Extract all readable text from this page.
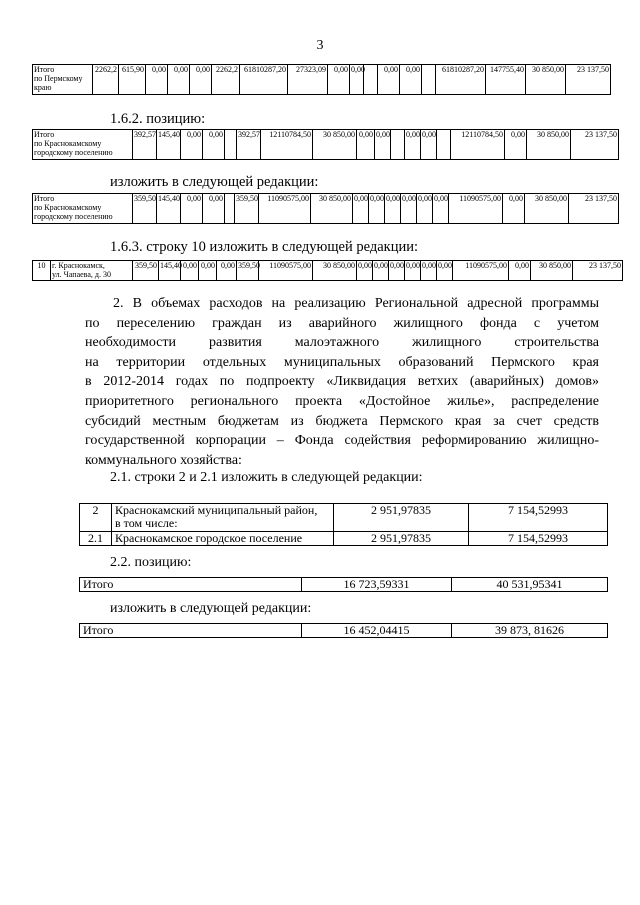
3
Итого
по Пермскому
краю	2262,2	615,90	0,00	0,00	0,00	2262,2	61810287,20	27323,09	0,00	0,00		0,00	0,00		61810287,20	147755,40	30 850,00	23 137,50
1.6.2. позицию:
Итого
по Краснокамскому
городскому поселению	392,57	145,40	0,00	0,00		392,57	12110784,50	30 850,00	0,00	0,00		0,00	0,00		12110784,50	0,00	30 850,00	23 137,50
изложить в следующей редакции:
Итого
по Краснокамскому
городскому поселению	359,50	145,40	0,00	0,00		359,50	11090575,00	30 850,00	0,00	0,00	0,00	0,00	0,00	0,00	11090575,00	0,00	30 850,00	23 137,50
1.6.3. строку 10 изложить в следующей редакции:
10	г. Краснокамск,
ул. Чапаева, д. 30	359,50	145,40	0,00	0,00	0,00	359,50	11090575,00	30 850,00	0,00	0,00	0,00	0,00	0,00	0,00	11090575,00	0,00	30 850,00	23 137,50
2. В объемах расходов на реализацию Региональной адресной программы
по переселению граждан из аварийного жилищного фонда с учетом
необходимости развития малоэтажного жилищного строительства
на территории отдельных муниципальных образований Пермского края
в 2012-2014 годах по подпроекту «Ликвидация ветхих (аварийных) домов»
приоритетного регионального проекта «Достойное жилье», распределение
субсидий местным бюджетам из бюджета Пермского края за счет средств
государственной корпорации – Фонда содействия реформированию жилищно-
коммунального хозяйства:
2.1. строки 2 и 2.1 изложить в следующей редакции:
2	Краснокамский муниципальный район,
в том числе:	2 951,97835	7 154,52993
2.1	Краснокамское городское поселение	2 951,97835	7 154,52993
2.2. позицию:
Итого	16 723,59331	40 531,95341
изложить в следующей редакции:
Итого	16 452,04415	39 873, 81626
